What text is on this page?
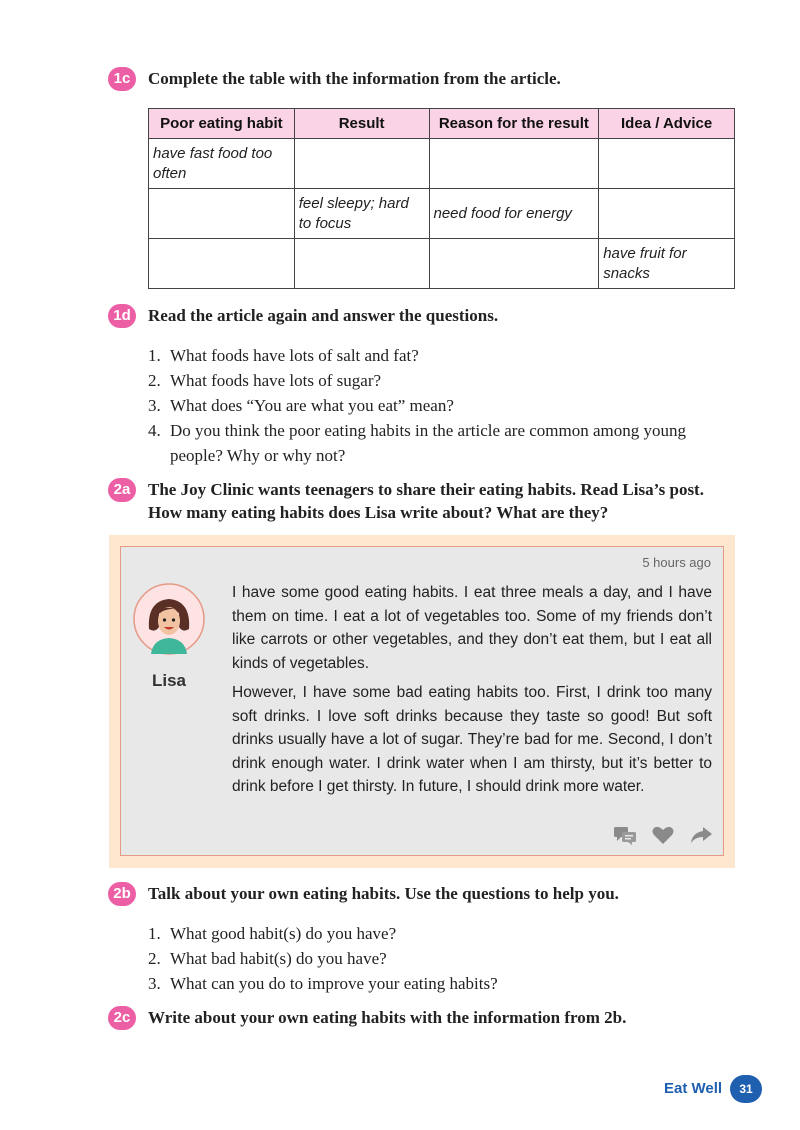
1c	Complete the table with the information from the article.
Poor eating habit	Result	Reason for the result	Idea / Advice
have fast food too often			
	feel sleepy; hard to focus	need food for energy	
			have fruit for snacks
1d	Read the article again and answer the questions.
1. What foods have lots of salt and fat?
2. What foods have lots of sugar?
3. What does “You are what you eat” mean?
4. Do you think the poor eating habits in the article are common among young people? Why or why not?
2a	The Joy Clinic wants teenagers to share their eating habits. Read Lisa’s post.
How many eating habits does Lisa write about? What are they?
5 hours ago
Lisa
I have some good eating habits. I eat three meals a day, and I have them on time. I eat a lot of vegetables too. Some of my friends don’t like carrots or other vegetables, and they don’t eat them, but I eat all kinds of vegetables.
However, I have some bad eating habits too. First, I drink too many soft drinks. I love soft drinks because they taste so good! But soft drinks usually have a lot of sugar. They’re bad for me. Second, I don’t drink enough water. I drink water when I am thirsty, but it’s better to drink before I get thirsty. In future, I should drink more water.
2b	Talk about your own eating habits. Use the questions to help you.
1. What good habit(s) do you have?
2. What bad habit(s) do you have?
3. What can you do to improve your eating habits?
2c	Write about your own eating habits with the information from 2b.
Eat Well	31
